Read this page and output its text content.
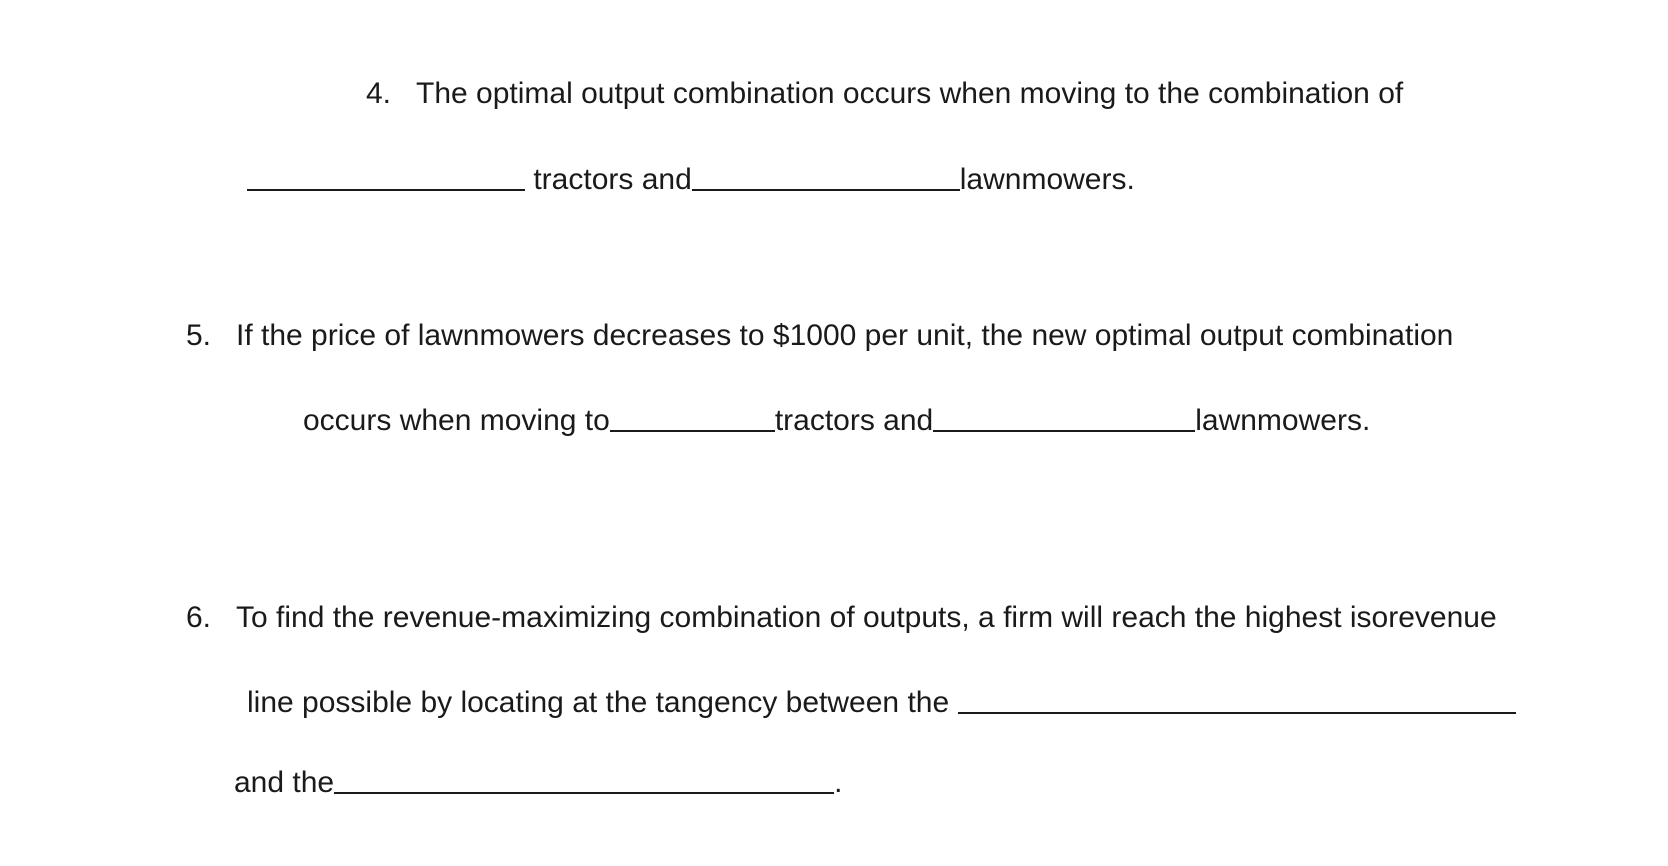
4. The optimal output combination occurs when moving to the combination of
tractors and	lawnmowers.
5. If the price of lawnmowers decreases to $1000 per unit, the new optimal output combination
occurs when moving to	tractors and	lawnmowers.
6. To find the revenue-maximizing combination of outputs, a firm will reach the highest isorevenue
line possible by locating at the tangency between the
and the	.
